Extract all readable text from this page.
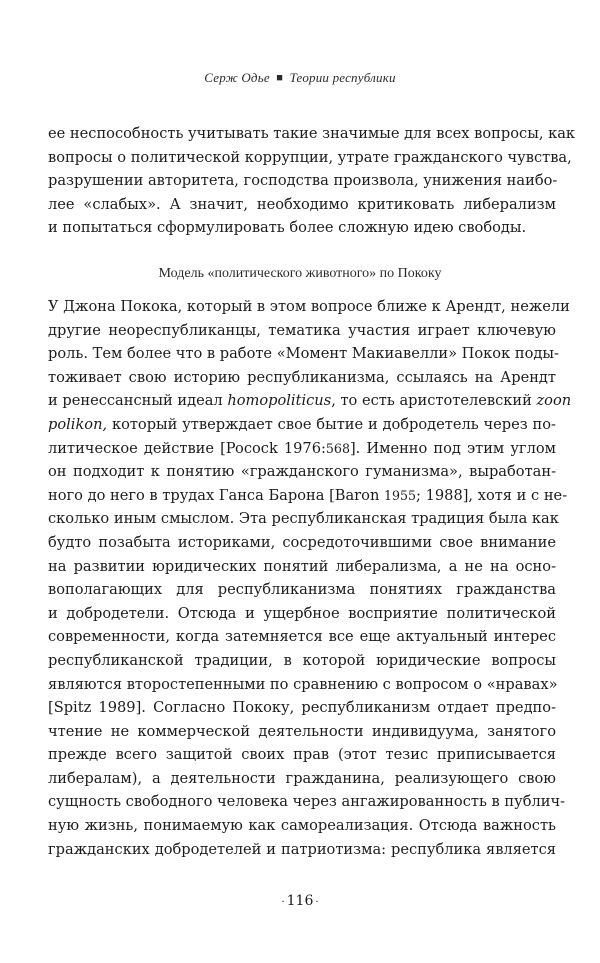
Серж Одье ■ Теории республики
ее неспособность учитывать такие значимые для всех вопросы, как
вопросы о политической коррупции, утрате гражданского чувства,
разрушении авторитета, господства произвола, унижения наибо-
лее «слабых». А значит, необходимо критиковать либерализм
и попытаться сформулировать более сложную идею свободы.
Модель «политического животного» по Пококу
У Джона Покока, который в этом вопросе ближе к Арендт, нежели
другие неореспубликанцы, тематика участия играет ключевую
роль. Тем более что в работе «Момент Макиавелли» Покок поды-
тоживает свою историю республиканизма, ссылаясь на Арендт
и ренессансный идеал homopoliticus, то есть аристотелевский zoon
polikon, который утверждает свое бытие и добродетель через по-
литическое действие [Pocock 1976:568]. Именно под этим углом
он подходит к понятию «гражданского гуманизма», выработан-
ного до него в трудах Ганса Барона [Baron 1955; 1988], хотя и с не-
сколько иным смыслом. Эта республиканская традиция была как
будто позабыта историками, сосредоточившими свое внимание
на развитии юридических понятий либерализма, а не на осно-
вополагающих для республиканизма понятиях гражданства
и добродетели. Отсюда и ущербное восприятие политической
современности, когда затемняется все еще актуальный интерес
республиканской традиции, в которой юридические вопросы
являются второстепенными по сравнению с вопросом о «нравах»
[Spitz 1989]. Согласно Пококу, республиканизм отдает предпо-
чтение не коммерческой деятельности индивидуума, занятого
прежде всего защитой своих прав (этот тезис приписывается
либералам), а деятельности гражданина, реализующего свою
сущность свободного человека через ангажированность в публич-
ную жизнь, понимаемую как самореализация. Отсюда важность
гражданских добродетелей и патриотизма: республика является
· 116 ·
